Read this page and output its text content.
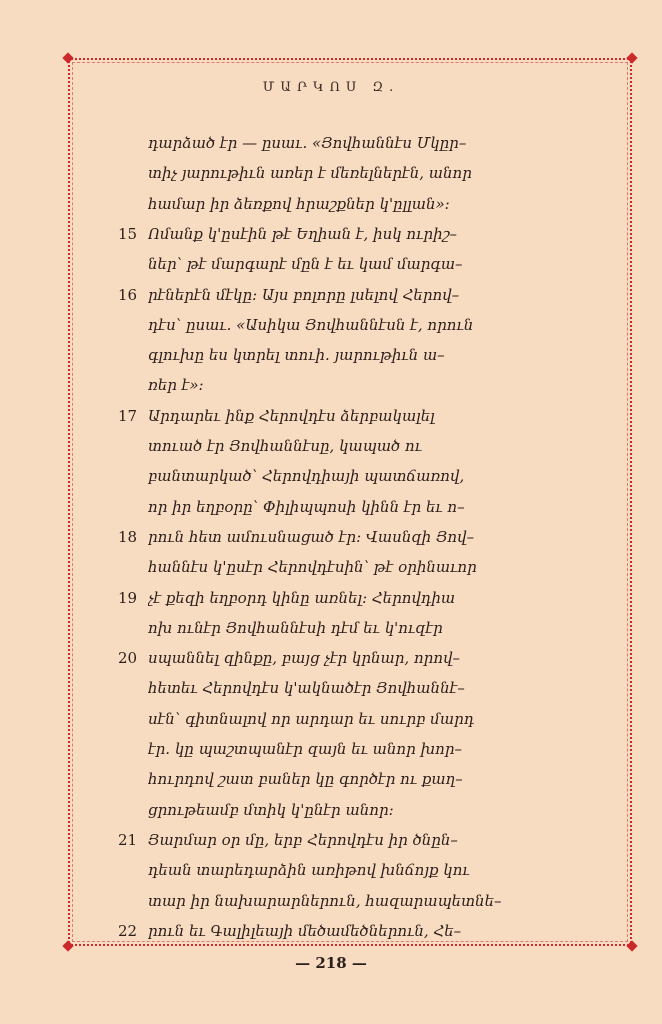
ՄԱՐԿՈՍ Զ.
դարձած էր — ըսաւ. «Յովհաննէս Մկըր–
տիչ յարութիւն առեր է մեռելներէն, անոր
համար իր ձեռքով հրաշքներ կ'ըլլան»:
15 Ոմանք կ'ըսէին թէ Եղիան է, իսկ ուրիշ–
ներ՝ թէ մարգարէ մըն է եւ կամ մարգա–
16 րէներէն մէկը: Այս բոլորը լսելով Հերով–
դէս՝ ըսաւ. «Ասիկա Յովհաննէսն է, որուն
գլուխը ես կտրել տուի. յարութիւն ա–
ռեր է»:
17 Արդարեւ ինք Հերովդէս ձերբակալել
տուած էր Յովհաննէսը, կապած ու
բանտարկած՝ Հերովդիայի պատճառով,
որ իր եղբօրը՝ Փիլիպպոսի կինն էր եւ ո–
18 րուն հետ ամուսնացած էր: Վասնզի Յով–
հաննէս կ'ըսէր Հերովդէսին՝ թէ օրինաւոր
19 չէ քեզի եղբօրդ կինը առնել: Հերովդիա
ոխ ունէր Յովհաննէսի դէմ եւ կ'ուզէր
20 սպաննել զինքը, բայց չէր կրնար, որով–
հետեւ Հերովդէս կ'ակնածէր Յովհաննէ–
սէն՝ գիտնալով որ արդար եւ սուրբ մարդ
էր. կը պաշտպանէր զայն եւ անոր խոր–
հուրդով շատ բաներ կը գործէր ու քաղ–
ցրութեամբ մտիկ կ'ընէր անոր:
21 Յարմար օր մը, երբ Հերովդէս իր ծնըն–
դեան տարեդարձին առիթով խնճոյք կու
տար իր նախարարներուն, հազարապետնե–
22 րուն եւ Գալիլեայի մեծամեծներուն, Հե–
— 218 —
